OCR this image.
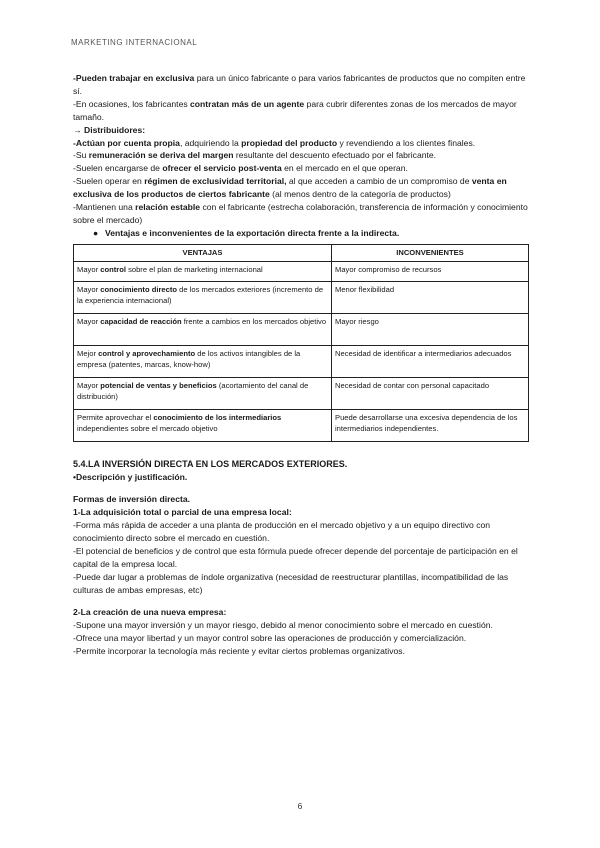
MARKETING INTERNACIONAL

-Pueden trabajar en exclusiva para un único fabricante o para varios fabricantes de productos que no compiten entre sí.

-En ocasiones, los fabricantes contratan más de un agente para cubrir diferentes zonas de los mercados de mayor tamaño.

→ Distribuidores:

-Actúan por cuenta propia, adquiriendo la propiedad del producto y revendiendo a los clientes finales.

-Su remuneración se deriva del margen resultante del descuento efectuado por el fabricante.

-Suelen encargarse de ofrecer el servicio post-venta en el mercado en el que operan.

-Suelen operar en régimen de exclusividad territorial, al que acceden a cambio de un compromiso de venta en exclusiva de los productos de ciertos fabricante (al menos dentro de la categoría de productos)

-Mantienen una relación estable con el fabricante (estrecha colaboración, transferencia de información y conocimiento sobre el mercado)

● Ventajas e inconvenientes de la exportación directa frente a la indirecta.

VENTAJAS	INCONVENIENTES
Mayor control sobre el plan de marketing internacional	Mayor compromiso de recursos
Mayor conocimiento directo de los mercados exteriores (incremento de la experiencia internacional)	Menor flexibilidad
Mayor capacidad de reacción frente a cambios en los mercados objetivo	Mayor riesgo
Mejor control y aprovechamiento de los activos intangibles de la empresa (patentes, marcas, know-how)	Necesidad de identificar a intermediarios adecuados
Mayor potencial de ventas y beneficios (acortamiento del canal de distribución)	Necesidad de contar con personal capacitado
Permite aprovechar el conocimiento de los intermediarios independientes sobre el mercado objetivo	Puede desarrollarse una excesiva dependencia de los intermediarios independientes.

5.4.LA INVERSIÓN DIRECTA EN LOS MERCADOS EXTERIORES.

•Descripción y justificación.

Formas de inversión directa.

1-La adquisición total o parcial de una empresa local:

-Forma más rápida de acceder a una planta de producción en el mercado objetivo y a un equipo directivo con conocimiento directo sobre el mercado en cuestión.

-El potencial de beneficios y de control que esta fórmula puede ofrecer depende del porcentaje de participación en el capital de la empresa local.

-Puede dar lugar a problemas de índole organizativa (necesidad de reestructurar plantillas, incompatibilidad de las culturas de ambas empresas, etc)

2-La creación de una nueva empresa:

-Supone una mayor inversión y un mayor riesgo, debido al menor conocimiento sobre el mercado en cuestión.

-Ofrece una mayor libertad y un mayor control sobre las operaciones de producción y comercialización.

-Permite incorporar la tecnología más reciente y evitar ciertos problemas organizativos.

6
